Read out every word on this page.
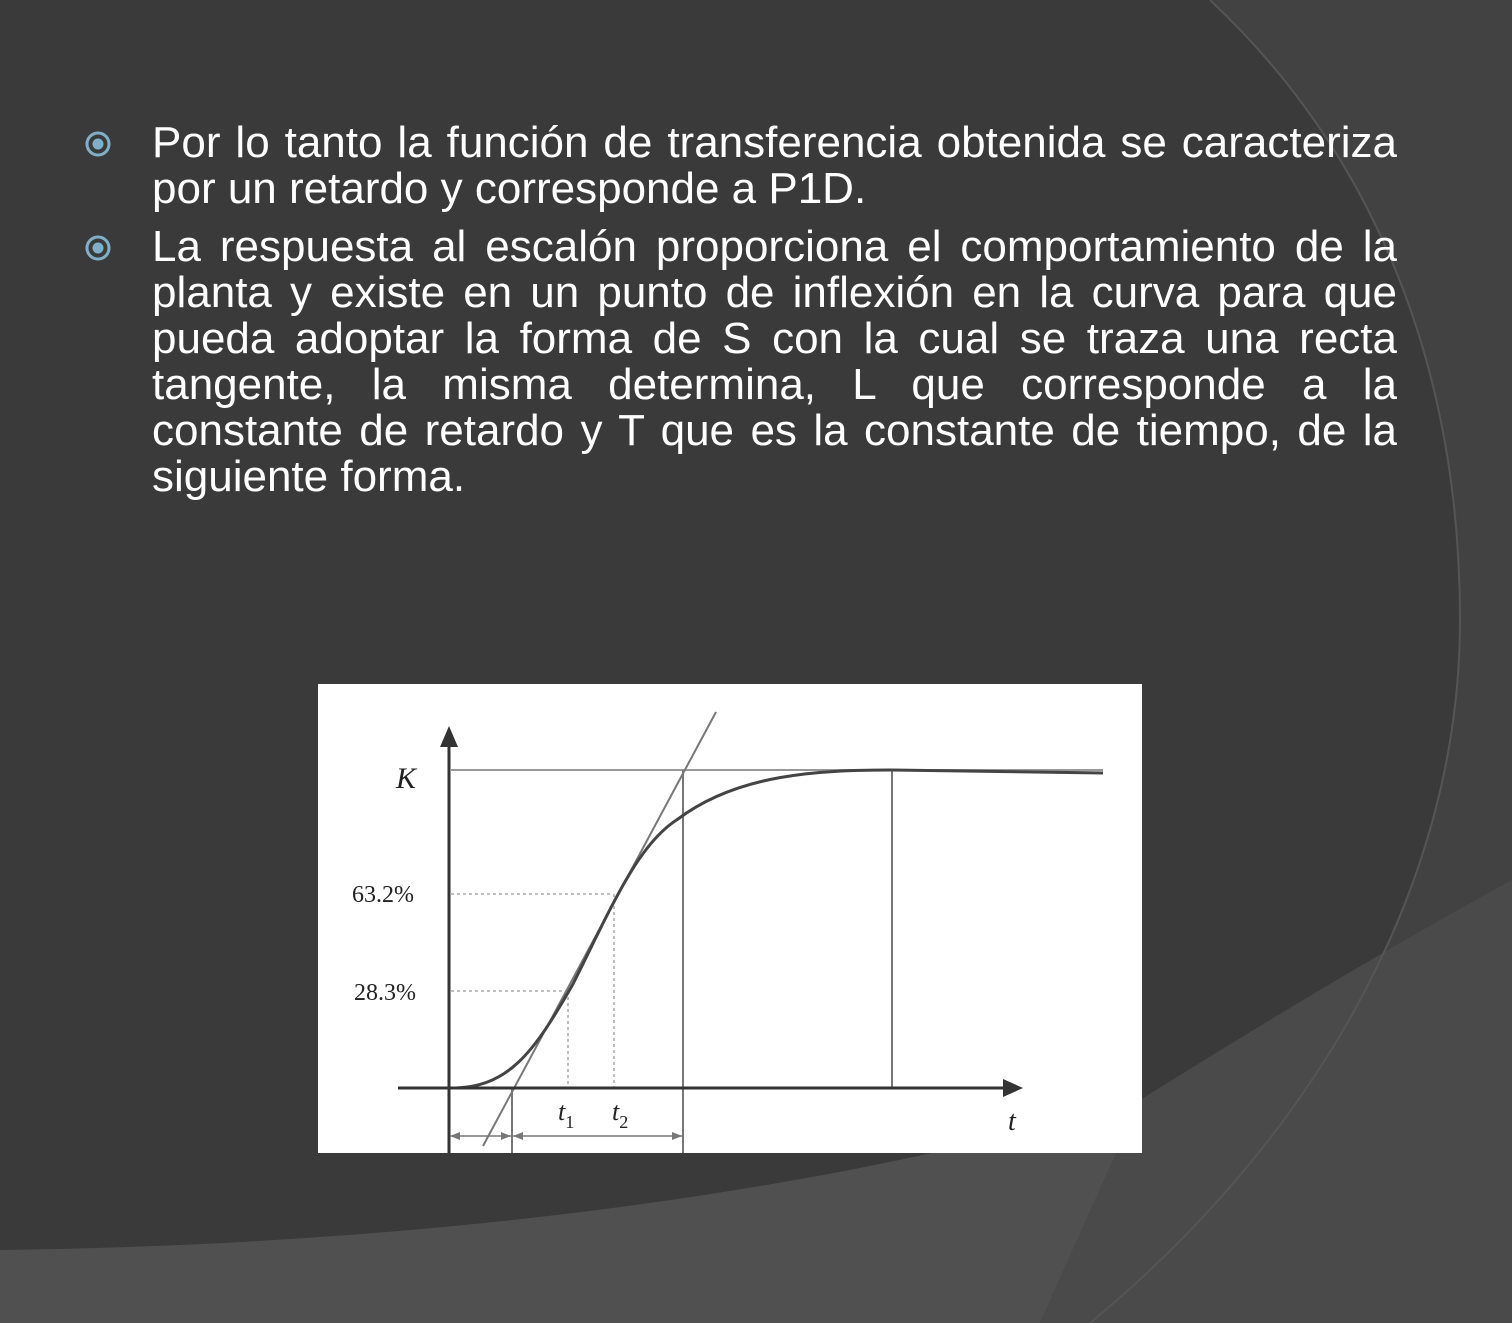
Por lo tanto la función de transferencia obtenida se caracteriza por un retardo y corresponde a P1D.
La respuesta al escalón proporciona el comportamiento de la planta y existe en un punto de inflexión en la curva para que pueda adoptar la forma de S con la cual se traza una recta tangente, la misma determina, L que corresponde a la constante de retardo y T que es la constante de tiempo, de la siguiente forma.
K
t
63.2%
28.3%
$t_1$ $t_2$
